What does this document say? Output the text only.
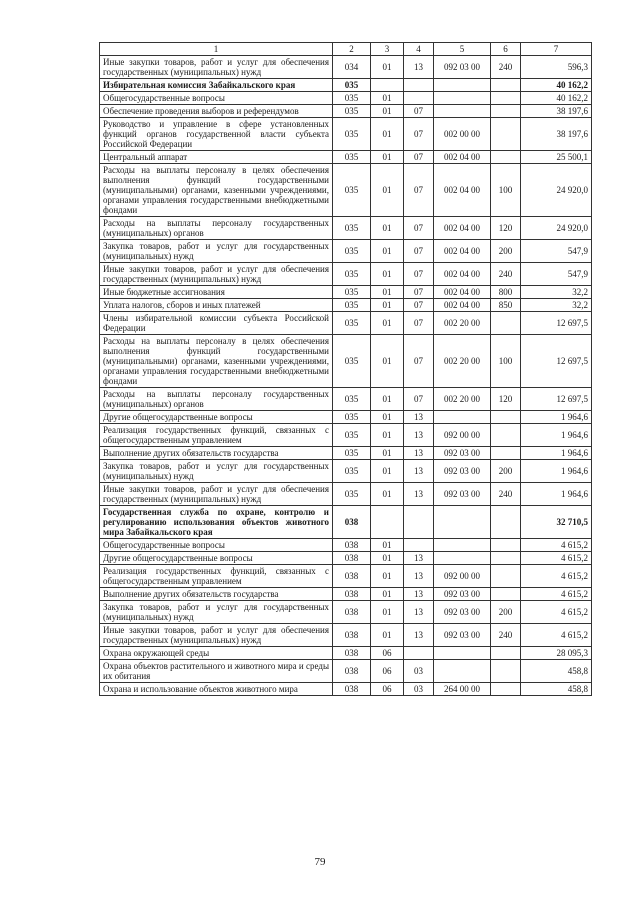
1	2	3	4	5	6	7
Иные закупки товаров, работ и услуг для обеспечения государственных (муниципальных) нужд	034	01	13	092 03 00	240	596,3
Избирательная комиссия Забайкальского края	035					40 162,2
Общегосударственные вопросы	035	01				40 162,2
Обеспечение проведения выборов и референдумов	035	01	07			38 197,6
Руководство и управление в сфере установленных функций органов государственной власти субъекта Российской Федерации	035	01	07	002 00 00		38 197,6
Центральный аппарат	035	01	07	002 04 00		25 500,1
Расходы на выплаты персоналу в целях обеспечения выполнения функций государственными (муниципальными) органами, казенными учреждениями, органами управления государственными внебюджетными фондами	035	01	07	002 04 00	100	24 920,0
Расходы на выплаты персоналу государственных (муниципальных) органов	035	01	07	002 04 00	120	24 920,0
Закупка товаров, работ и услуг для государственных (муниципальных) нужд	035	01	07	002 04 00	200	547,9
Иные закупки товаров, работ и услуг для обеспечения государственных (муниципальных) нужд	035	01	07	002 04 00	240	547,9
Иные бюджетные ассигнования	035	01	07	002 04 00	800	32,2
Уплата налогов, сборов и иных платежей	035	01	07	002 04 00	850	32,2
Члены избирательной комиссии субъекта Российской Федерации	035	01	07	002 20 00		12 697,5
Расходы на выплаты персоналу в целях обеспечения выполнения функций государственными (муниципальными) органами, казенными учреждениями, органами управления государственными внебюджетными фондами	035	01	07	002 20 00	100	12 697,5
Расходы на выплаты персоналу государственных (муниципальных) органов	035	01	07	002 20 00	120	12 697,5
Другие общегосударственные вопросы	035	01	13			1 964,6
Реализация государственных функций, связанных с общегосударственным управлением	035	01	13	092 00 00		1 964,6
Выполнение других обязательств государства	035	01	13	092 03 00		1 964,6
Закупка товаров, работ и услуг для государственных (муниципальных) нужд	035	01	13	092 03 00	200	1 964,6
Иные закупки товаров, работ и услуг для обеспечения государственных (муниципальных) нужд	035	01	13	092 03 00	240	1 964,6
Государственная служба по охране, контролю и регулированию использования объектов животного мира Забайкальского края	038					32 710,5
Общегосударственные вопросы	038	01				4 615,2
Другие общегосударственные вопросы	038	01	13			4 615,2
Реализация государственных функций, связанных с общегосударственным управлением	038	01	13	092 00 00		4 615,2
Выполнение других обязательств государства	038	01	13	092 03 00		4 615,2
Закупка товаров, работ и услуг для государственных (муниципальных) нужд	038	01	13	092 03 00	200	4 615,2
Иные закупки товаров, работ и услуг для обеспечения государственных (муниципальных) нужд	038	01	13	092 03 00	240	4 615,2
Охрана окружающей среды	038	06				28 095,3
Охрана объектов растительного и животного мира и среды их обитания	038	06	03			458,8
Охрана и использование объектов животного мира	038	06	03	264 00 00		458,8
79
